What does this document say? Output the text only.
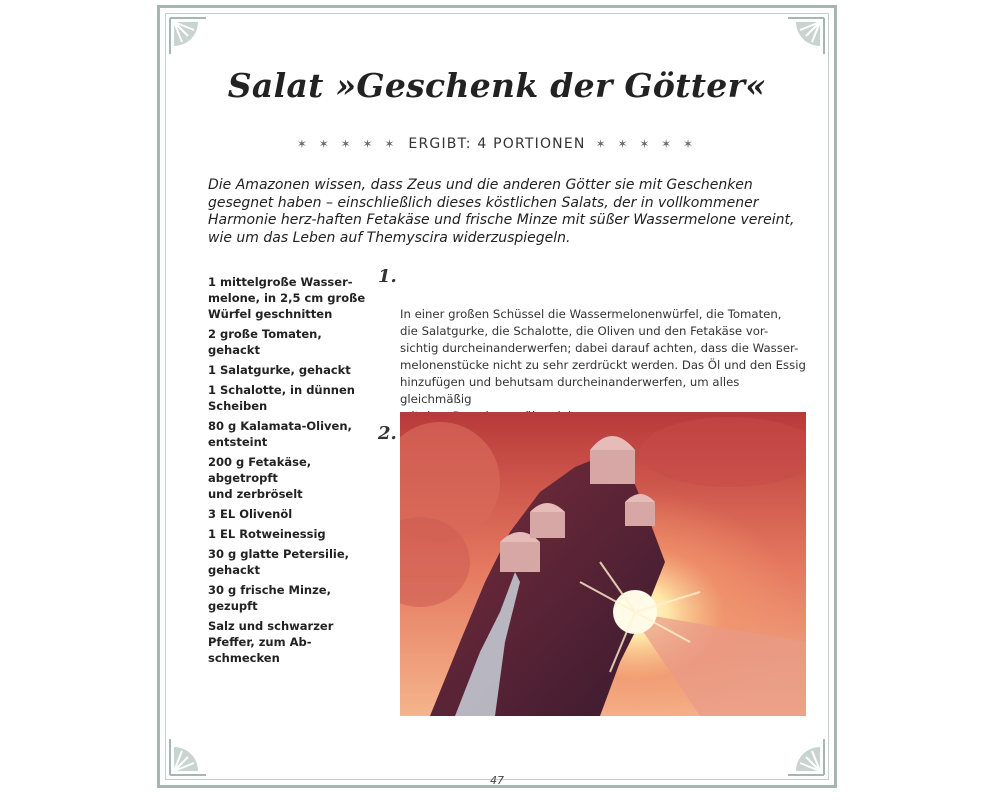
Salat »Geschenk der Götter«
✶ ✶ ✶ ✶ ✶ ERGIBT: 4 PORTIONEN ✶ ✶ ✶ ✶ ✶

Die Amazonen wissen, dass Zeus und die anderen Götter sie mit Geschenken gesegnet haben – einschließlich dieses köstlichen Salats, der in vollkommener Harmonie herz-haften Fetakäse und frische Minze mit süßer Wassermelone vereint, wie um das Leben auf Themyscira widerzuspiegeln.

1 mittelgroße Wasser-
melone, in 2,5 cm große
Würfel geschnitten
2 große Tomaten, gehackt
1 Salatgurke, gehackt
1 Schalotte, in dünnen
Scheiben
80 g Kalamata-Oliven,
entsteint
200 g Fetakäse, abgetropft
und zerbröselt
3 EL Olivenöl
1 EL Rotweinessig
30 g glatte Petersilie,
gehackt
30 g frische Minze,
gezupft
Salz und schwarzer
Pfeffer, zum Ab-
schmecken

1.

In einer großen Schüssel die Wassermelonenwürfel, die Tomaten,
die Salatgurke, die Schalotte, die Oliven und den Fetakäse vor-
sichtig durcheinanderwerfen; dabei darauf achten, dass die Wasser-
melonenstücke nicht zu sehr zerdrückt werden. Das Öl und den Essig
hinzufügen und behutsam durcheinanderwerfen, um alles gleichmäßig

2.

47
